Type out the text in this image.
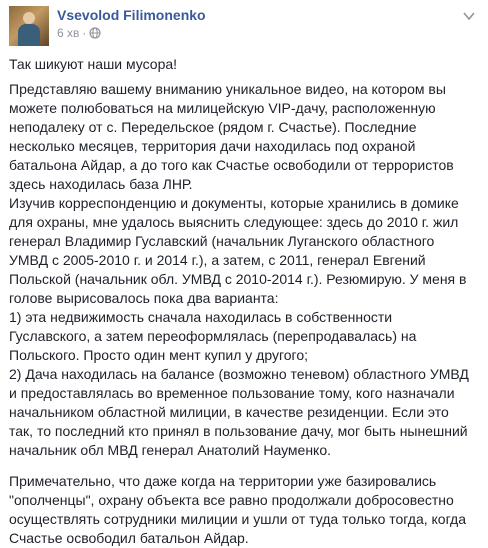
Vsevolod Filimonenko
6 хв ·

Так шикуют наши мусора!

Представляю вашему вниманию уникальное видео, на котором вы
можете полюбоваться на милицейскую VIP-дачу, расположенную
неподалеку от с. Передельское (рядом г. Счастье). Последние
несколько месяцев, территория дачи находилась под охраной
батальона Айдар, а до того как Счастье освободили от террористов
здесь находилась база ЛНР.
Изучив корреспонденцию и документы, которые хранились в домике
для охраны, мне удалось выяснить следующее: здесь до 2010 г. жил
генерал Владимир Гуславский (начальник Луганского областного
УМВД с 2005-2010 г. и 2014 г.), а затем, с 2011, генерал Евгений
Польской (начальник обл. УМВД с 2010-2014 г.). Резюмирую. У меня в
голове вырисовалось пока два варианта:
1) эта недвижимость сначала находилась в собственности
Гуславского, а затем переоформлялась (перепродавалась) на
Польского. Просто один мент купил у другого;
2) Дача находилась на балансе (возможно теневом) областного УМВД
и предоставлялась во временное пользование тому, кого назначали
начальником областной милиции, в качестве резиденции. Если это
так, то последний кто принял в пользование дачу, мог быть нынешний
начальник обл МВД генерал Анатолий Науменко.

Примечательно, что даже когда на территории уже базировались
"ополченцы", охрану объекта все равно продолжали добросовестно
осуществлять сотрудники милиции и ушли от туда только тогда, когда
Счастье освободил батальон Айдар.
